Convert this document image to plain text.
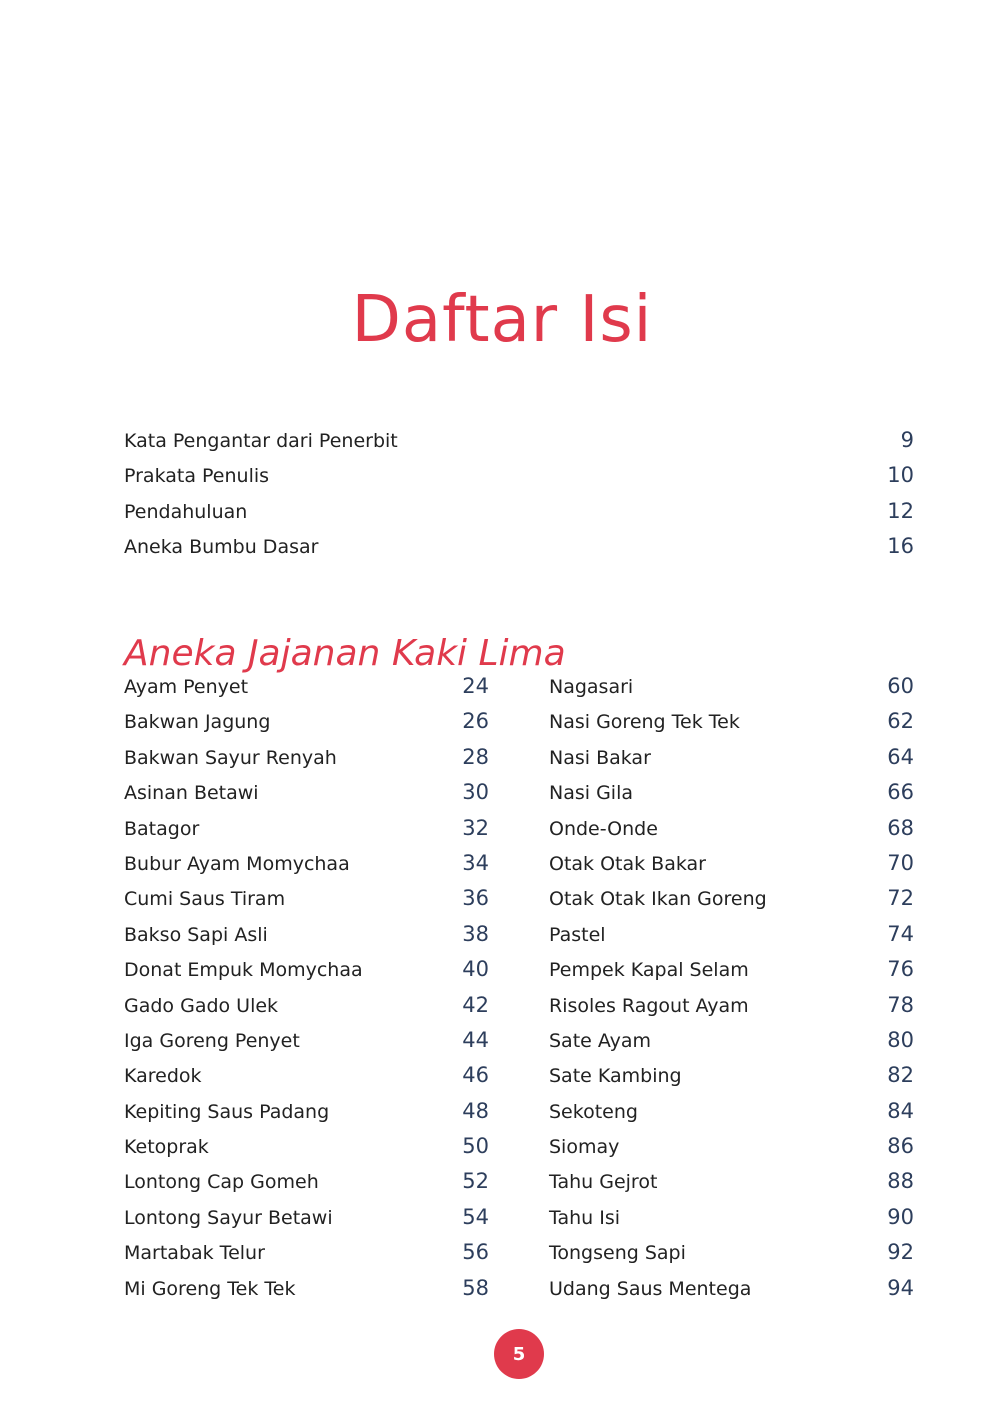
Daftar Isi
Kata Pengantar dari Penerbit	9
Prakata Penulis	10
Pendahuluan	12
Aneka Bumbu Dasar	16
Aneka Jajanan Kaki Lima
Ayam Penyet	24
Bakwan Jagung	26
Bakwan Sayur Renyah	28
Asinan Betawi	30
Batagor	32
Bubur Ayam Momychaa	34
Cumi Saus Tiram	36
Bakso Sapi Asli	38
Donat Empuk Momychaa	40
Gado Gado Ulek	42
Iga Goreng Penyet	44
Karedok	46
Kepiting Saus Padang	48
Ketoprak	50
Lontong Cap Gomeh	52
Lontong Sayur Betawi	54
Martabak Telur	56
Mi Goreng Tek Tek	58
Nagasari	60
Nasi Goreng Tek Tek	62
Nasi Bakar	64
Nasi Gila	66
Onde-Onde	68
Otak Otak Bakar	70
Otak Otak Ikan Goreng	72
Pastel	74
Pempek Kapal Selam	76
Risoles Ragout Ayam	78
Sate Ayam	80
Sate Kambing	82
Sekoteng	84
Siomay	86
Tahu Gejrot	88
Tahu Isi	90
Tongseng Sapi	92
Udang Saus Mentega	94
5
